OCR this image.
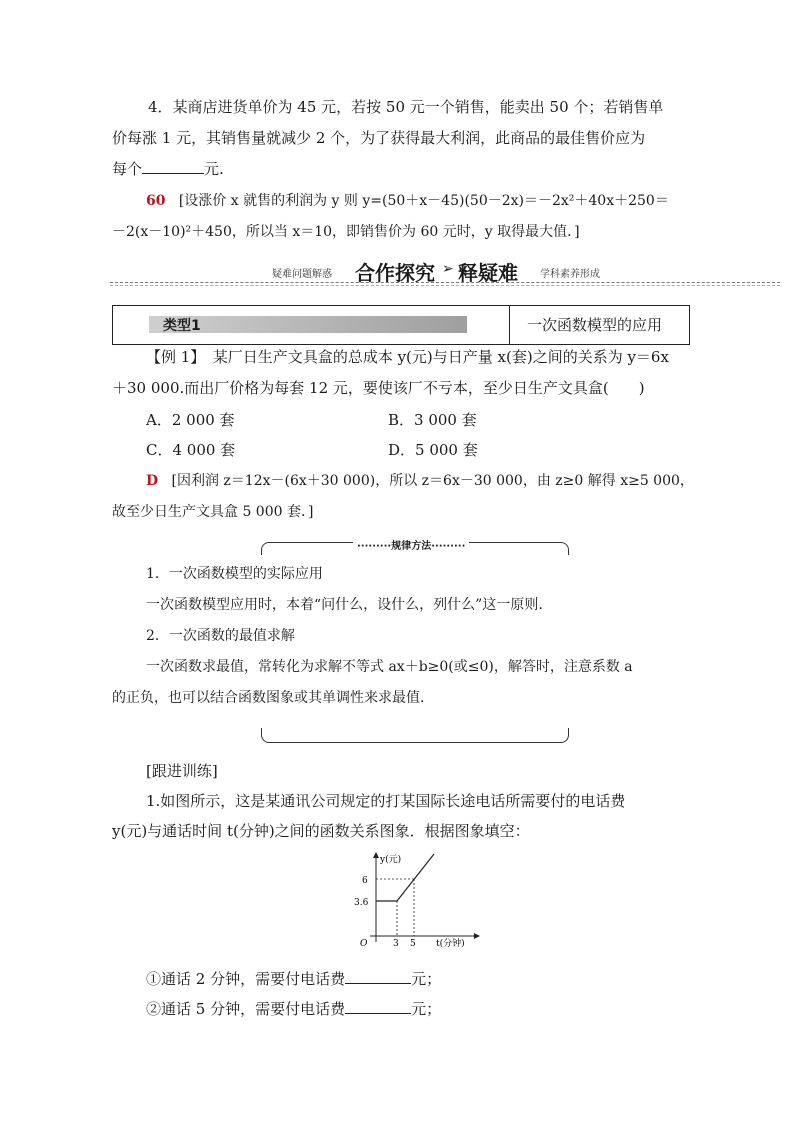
4．某商店进货单价为 45 元，若按 50 元一个销售，能卖出 50 个；若销售单
价每涨 1 元，其销售量就减少 2 个，为了获得最大利润，此商品的最佳售价应为
每个	元.
60 [设涨价 x 就售的利润为 y 则 y=(50＋x－45)(50－2x)＝－2x²＋40x＋250＝
－2(x－10)²＋450，所以当 x＝10，即销售价为 60 元时，y 取得最大值．]
疑难问题解惑 合作探究 ➢ 释疑难 学科素养形成
类型1	一次函数模型的应用
【例 1】　某厂日生产文具盒的总成本 y(元)与日产量 x(套)之间的关系为 y＝6x
＋30 000.而出厂价格为每套 12 元，要使该厂不亏本，至少日生产文具盒(　　)
A．2 000 套	B．3 000 套
C．4 000 套	D．5 000 套
D [因利润 z＝12x－(6x＋30 000)，所以 z＝6x－30 000，由 z≥0 解得 x≥5 000，
故至少日生产文具盒 5 000 套．]
·········规律方法·········
1．一次函数模型的实际应用
一次函数模型应用时，本着“问什么，设什么，列什么”这一原则.
2．一次函数的最值求解
一次函数求最值，常转化为求解不等式 ax＋b≥0(或≤0)，解答时，注意系数 a
的正负，也可以结合函数图象或其单调性来求最值.
[跟进训练]
1.如图所示，这是某通讯公司规定的打某国际长途电话所需要付的电话费
y(元)与通话时间 t(分钟)之间的函数关系图象．根据图象填空：
y(元)
t(分钟)
O
6
3.6
3 5
①通话 2 分钟，需要付电话费	元；
②通话 5 分钟，需要付电话费	元；
